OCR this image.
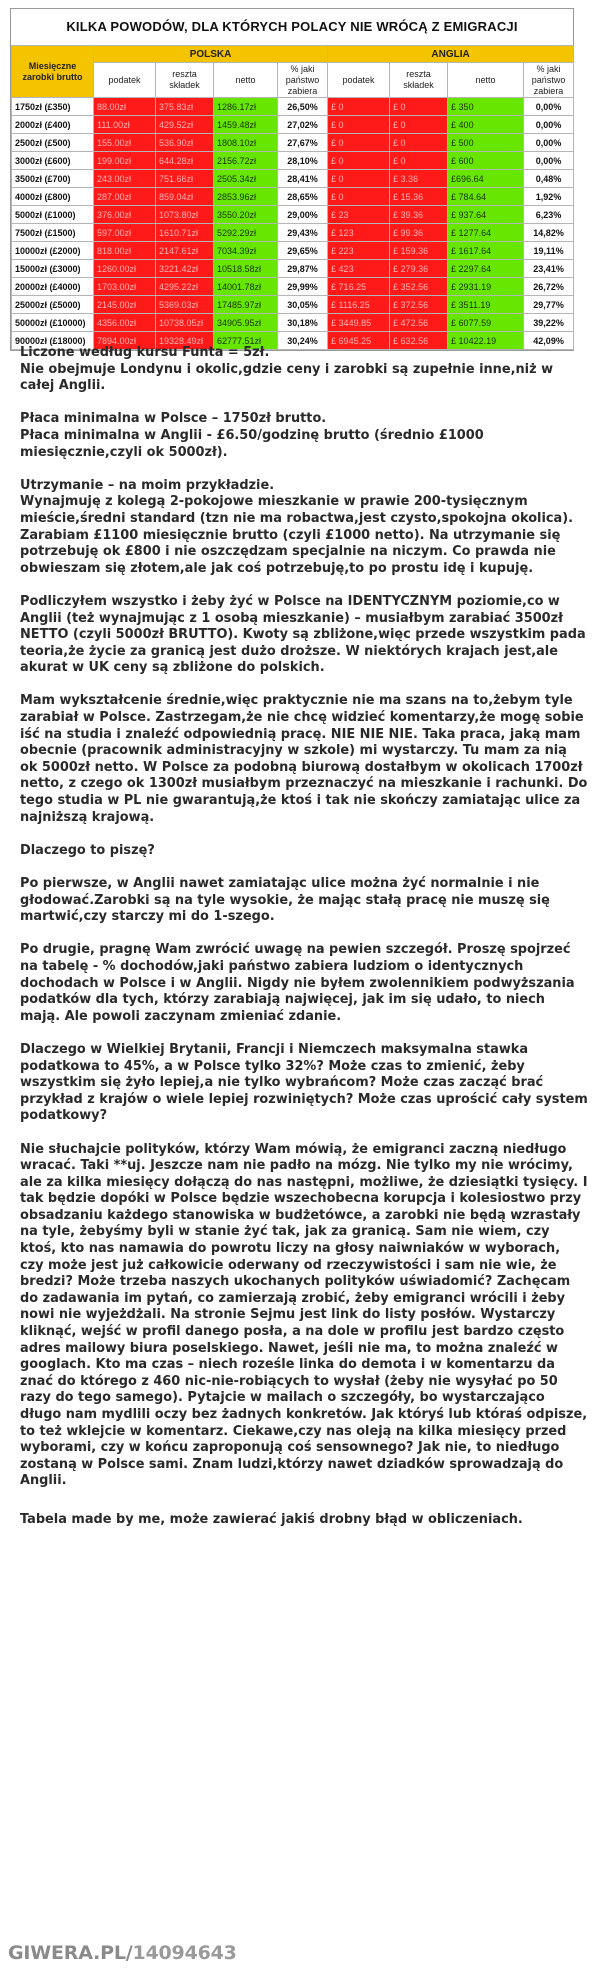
KILKA POWODÓW, DLA KTÓRYCH POLACY NIE WRÓCĄ Z EMIGRACJI
Miesięczne zarobki brutto	POLSKA				ANGLIA			
	podatek	reszta składek	netto	% jaki państwo zabiera	podatek	reszta składek	netto	% jaki państwo zabiera
1750zł (£350)	88.00zł	375.83zł	1286.17zł	26,50%	£ 0	£ 0	£ 350	0,00%
2000zł (£400)	111.00zł	429.52zł	1459.48zł	27,02%	£ 0	£ 0	£ 400	0,00%
2500zł (£500)	155.00zł	536.90zł	1808.10zł	27,67%	£ 0	£ 0	£ 500	0,00%
3000zł (£600)	199.00zł	644.28zł	2156.72zł	28,10%	£ 0	£ 0	£ 600	0,00%
3500zł (£700)	243.00zł	751.66zł	2505.34zł	28,41%	£ 0	£ 3.36	£696.64	0,48%
4000zł (£800)	287.00zł	859.04zł	2853.96zł	28,65%	£ 0	£ 15.36	£ 784.64	1,92%
5000zł (£1000)	376.00zł	1073.80zł	3550.20zł	29,00%	£ 23	£ 39.36	£ 937.64	6,23%
7500zł (£1500)	597.00zł	1610.71zł	5292.29zł	29,43%	£ 123	£ 99.36	£ 1277.64	14,82%
10000zł (£2000)	818.00zł	2147.61zł	7034.39zł	29,65%	£ 223	£ 159.36	£ 1617.64	19,11%
15000zł (£3000)	1260.00zł	3221.42zł	10518.58zł	29,87%	£ 423	£ 279.36	£ 2297.64	23,41%
20000zł (£4000)	1703.00zł	4295.22zł	14001.78zł	29,99%	£ 716.25	£ 352.56	£ 2931.19	26,72%
25000zł (£5000)	2145.00zł	5369.03zł	17485.97zł	30,05%	£ 1116.25	£ 372.56	£ 3511.19	29,77%
50000zł (£10000)	4356.00zł	10738.05zł	34905.95zł	30,18%	£ 3449.85	£ 472.56	£ 6077.59	39,22%
90000zł (£18000)	7894.00zł	19328.49zł	62777.51zł	30,24%	£ 6945.25	£ 632.56	£ 10422.19	42,09%

Liczone według kursu Funta = 5zł.
Nie obejmuje Londynu i okolic,gdzie ceny i zarobki są zupełnie inne,niż w całej Anglii.

Płaca minimalna w Polsce – 1750zł brutto.
Płaca minimalna w Anglii - £6.50/godzinę brutto (średnio £1000 miesięcznie,czyli ok 5000zł).

Utrzymanie – na moim przykładzie.
Wynajmuję z kolegą 2-pokojowe mieszkanie w prawie 200-tysięcznym mieście,średni standard (tzn nie ma robactwa,jest czysto,spokojna okolica). Zarabiam £1100 miesięcznie brutto (czyli £1000 netto). Na utrzymanie się potrzebuję ok £800 i nie oszczędzam specjalnie na niczym. Co prawda nie obwieszam się złotem,ale jak coś potrzebuję,to po prostu idę i kupuję.

Podliczyłem wszystko i żeby żyć w Polsce na IDENTYCZNYM poziomie,co w Anglii (też wynajmując z 1 osobą mieszkanie) – musiałbym zarabiać 3500zł NETTO (czyli 5000zł BRUTTO). Kwoty są zbliżone,więc przede wszystkim pada teoria,że życie za granicą jest dużo droższe. W niektórych krajach jest,ale akurat w UK ceny są zbliżone do polskich.

Mam wykształcenie średnie,więc praktycznie nie ma szans na to,żebym tyle zarabiał w Polsce. Zastrzegam,że nie chcę widzieć komentarzy,że mogę sobie iść na studia i znaleźć odpowiednią pracę. NIE NIE NIE. Taka praca, jaką mam obecnie (pracownik administracyjny w szkole) mi wystarczy. Tu mam za nią ok 5000zł netto. W Polsce za podobną biurową dostałbym w okolicach 1700zł netto, z czego ok 1300zł musiałbym przeznaczyć na mieszkanie i rachunki. Do tego studia w PL nie gwarantują,że ktoś i tak nie skończy zamiatając ulice za najniższą krajową.

Dlaczego to piszę?

Po pierwsze, w Anglii nawet zamiatając ulice można żyć normalnie i nie głodować.Zarobki są na tyle wysokie, że mając stałą pracę nie muszę się martwić,czy starczy mi do 1-szego.

Po drugie, pragnę Wam zwrócić uwagę na pewien szczegół. Proszę spojrzeć na tabelę - % dochodów,jaki państwo zabiera ludziom o identycznych dochodach w Polsce i w Anglii. Nigdy nie byłem zwolennikiem podwyższania podatków dla tych, którzy zarabiają najwięcej, jak im się udało, to niech mają. Ale powoli zaczynam zmieniać zdanie.

Dlaczego w Wielkiej Brytanii, Francji i Niemczech maksymalna stawka podatkowa to 45%, a w Polsce tylko 32%? Może czas to zmienić, żeby wszystkim się żyło lepiej,a nie tylko wybrańcom? Może czas zacząć brać przykład z krajów o wiele lepiej rozwiniętych? Może czas uprościć cały system podatkowy?

Nie słuchajcie polityków, którzy Wam mówią, że emigranci zaczną niedługo wracać. Taki **uj. Jeszcze nam nie padło na mózg. Nie tylko my nie wrócimy, ale za kilka miesięcy dołączą do nas następni, możliwe, że dziesiątki tysięcy. I tak będzie dopóki w Polsce będzie wszechobecna korupcja i kolesiostwo przy obsadzaniu każdego stanowiska w budżetówce, a zarobki nie będą wzrastały na tyle, żebyśmy byli w stanie żyć tak, jak za granicą. Sam nie wiem, czy ktoś, kto nas namawia do powrotu liczy na głosy naiwniaków w wyborach, czy może jest już całkowicie oderwany od rzeczywistości i sam nie wie, że bredzi? Może trzeba naszych ukochanych polityków uświadomić? Zachęcam do zadawania im pytań, co zamierzają zrobić, żeby emigranci wrócili i żeby nowi nie wyjeżdżali. Na stronie Sejmu jest link do listy posłów. Wystarczy kliknąć, wejść w profil danego posła, a na dole w profilu jest bardzo często adres mailowy biura poselskiego. Nawet, jeśli nie ma, to można znaleźć w googlach. Kto ma czas – niech roześle linka do demota i w komentarzu da znać do którego z 460 nic-nie-robiących to wysłał (żeby nie wysyłać po 50 razy do tego samego). Pytajcie w mailach o szczegóły, bo wystarczająco długo nam mydlili oczy bez żadnych konkretów. Jak któryś lub któraś odpisze, to też wklejcie w komentarz. Ciekawe,czy nas oleją na kilka miesięcy przed wyborami, czy w końcu zaproponują coś sensownego? Jak nie, to niedługo zostaną w Polsce sami. Znam ludzi,którzy nawet dziadków sprowadzają do Anglii.

Tabela made by me, może zawierać jakiś drobny błąd w obliczeniach.

GIWERA.PL/14094643
